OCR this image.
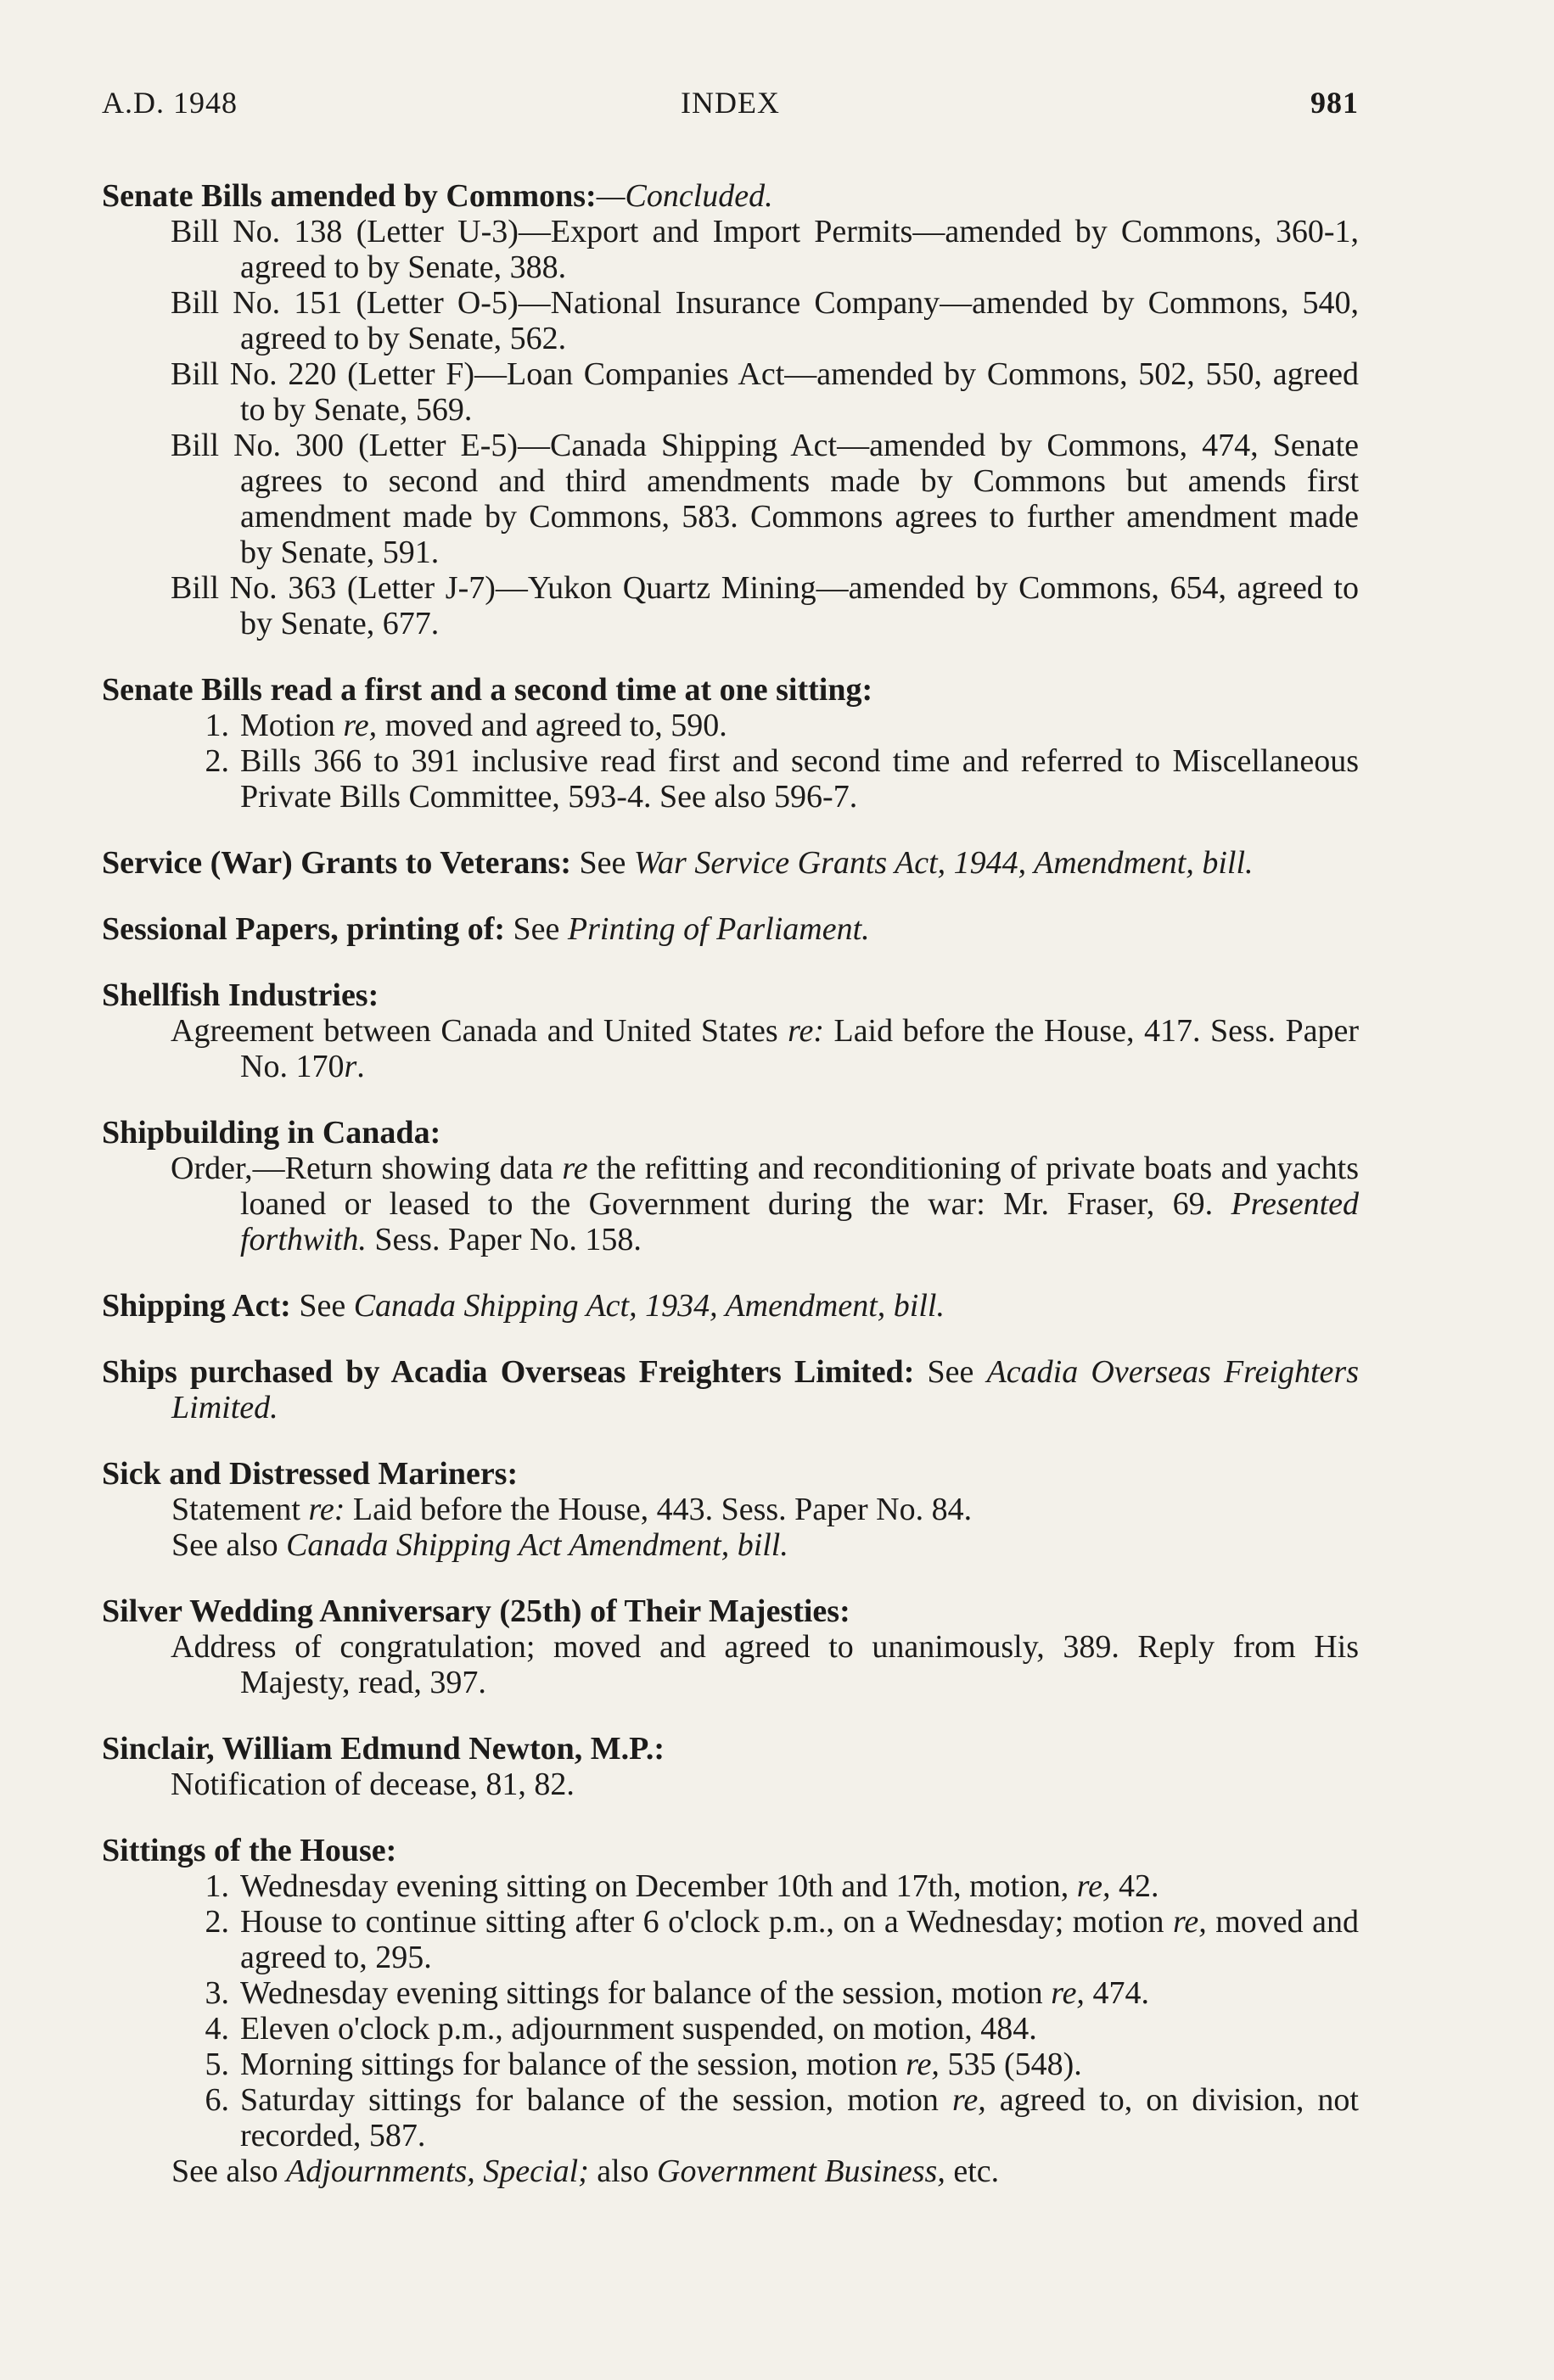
A.D. 1948	INDEX	981
Senate Bills amended by Commons:—Concluded.
Bill No. 138 (Letter U-3)—Export and Import Permits—amended by Commons, 360-1, agreed to by Senate, 388.
Bill No. 151 (Letter O-5)—National Insurance Company—amended by Commons, 540, agreed to by Senate, 562.
Bill No. 220 (Letter F)—Loan Companies Act—amended by Commons, 502, 550, agreed to by Senate, 569.
Bill No. 300 (Letter E-5)—Canada Shipping Act—amended by Commons, 474, Senate agrees to second and third amendments made by Commons but amends first amendment made by Commons, 583. Commons agrees to further amendment made by Senate, 591.
Bill No. 363 (Letter J-7)—Yukon Quartz Mining—amended by Commons, 654, agreed to by Senate, 677.
Senate Bills read a first and a second time at one sitting:
1. Motion re, moved and agreed to, 590.
2. Bills 366 to 391 inclusive read first and second time and referred to Miscellaneous Private Bills Committee, 593-4. See also 596-7.
Service (War) Grants to Veterans: See War Service Grants Act, 1944, Amendment, bill.
Sessional Papers, printing of: See Printing of Parliament.
Shellfish Industries:
Agreement between Canada and United States re: Laid before the House, 417. Sess. Paper No. 170r.
Shipbuilding in Canada:
Order,—Return showing data re the refitting and reconditioning of private boats and yachts loaned or leased to the Government during the war: Mr. Fraser, 69. Presented forthwith. Sess. Paper No. 158.
Shipping Act: See Canada Shipping Act, 1934, Amendment, bill.
Ships purchased by Acadia Overseas Freighters Limited: See Acadia Overseas Freighters Limited.
Sick and Distressed Mariners:
Statement re: Laid before the House, 443. Sess. Paper No. 84.
See also Canada Shipping Act Amendment, bill.
Silver Wedding Anniversary (25th) of Their Majesties:
Address of congratulation; moved and agreed to unanimously, 389. Reply from His Majesty, read, 397.
Sinclair, William Edmund Newton, M.P.:
Notification of decease, 81, 82.
Sittings of the House:
1. Wednesday evening sitting on December 10th and 17th, motion, re, 42.
2. House to continue sitting after 6 o'clock p.m., on a Wednesday; motion re, moved and agreed to, 295.
3. Wednesday evening sittings for balance of the session, motion re, 474.
4. Eleven o'clock p.m., adjournment suspended, on motion, 484.
5. Morning sittings for balance of the session, motion re, 535 (548).
6. Saturday sittings for balance of the session, motion re, agreed to, on division, not recorded, 587.
See also Adjournments, Special; also Government Business, etc.
